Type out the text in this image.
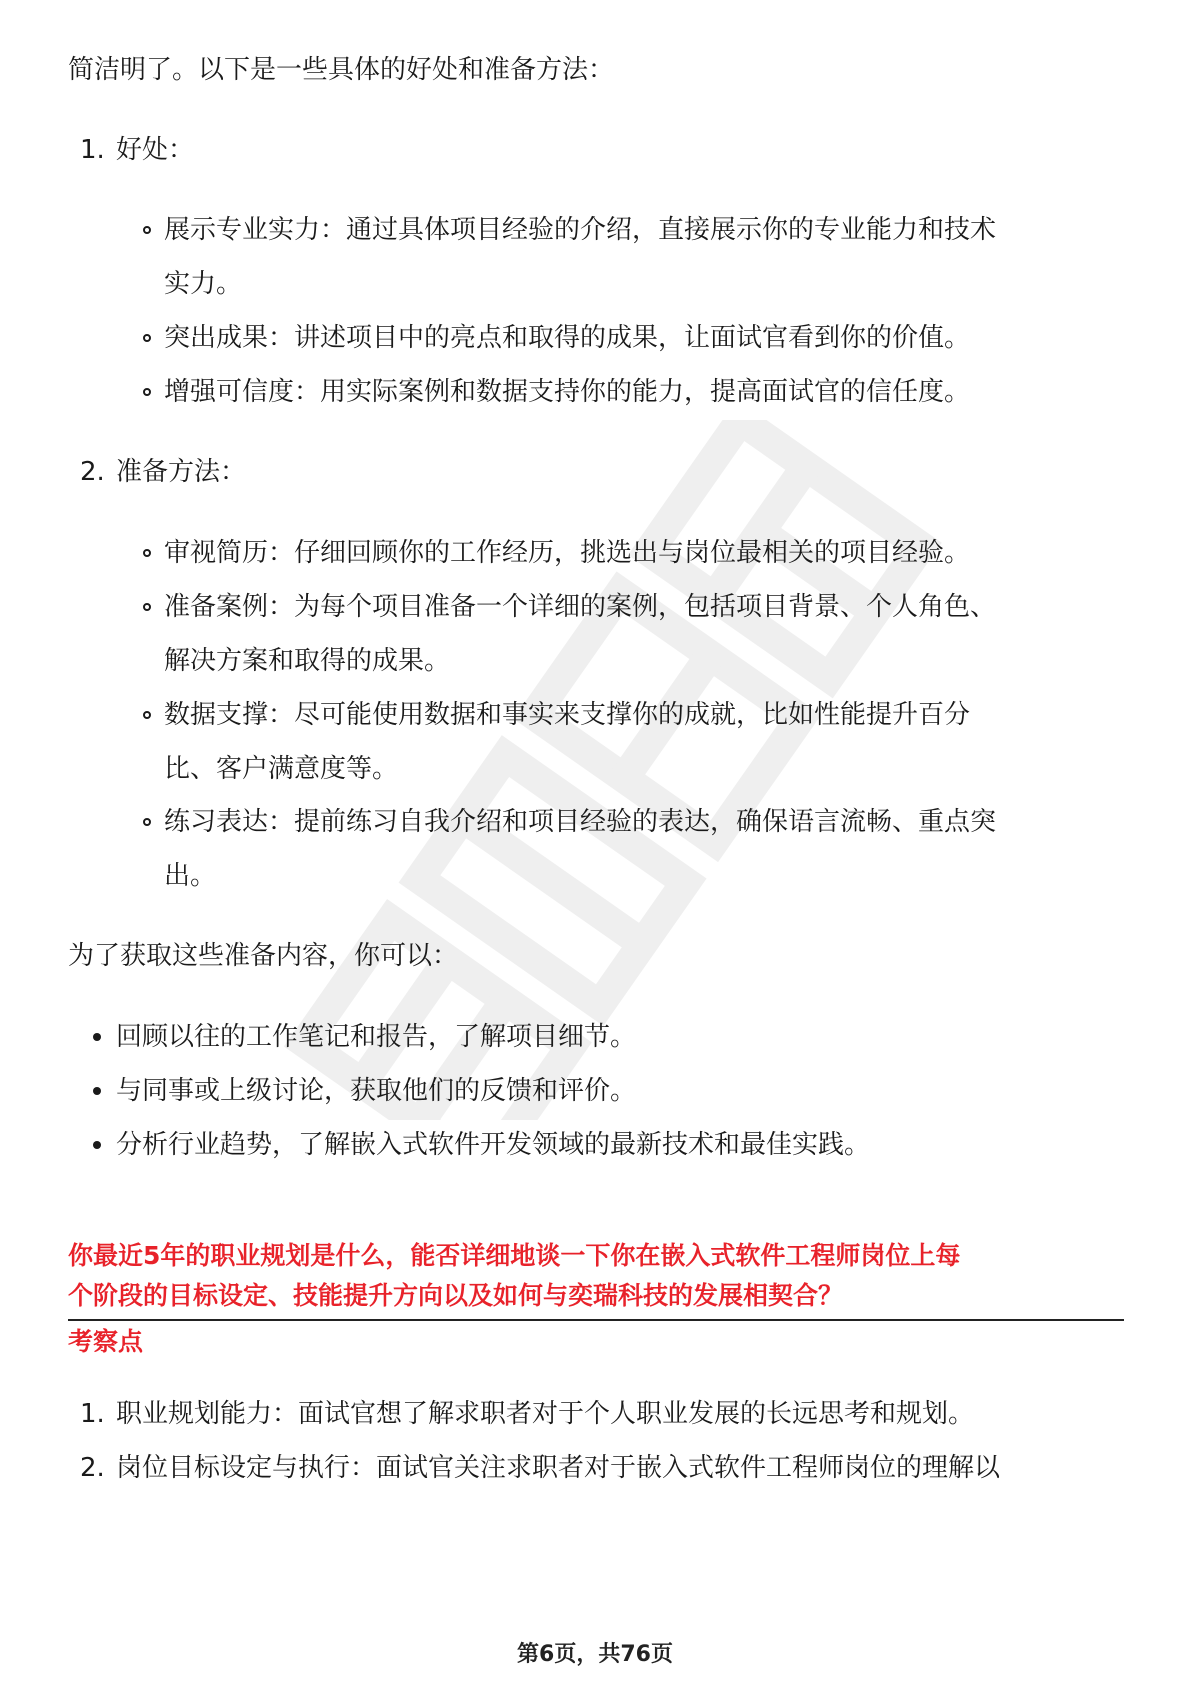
简洁明了。以下是一些具体的好处和准备方法：
1. 好处：
展示专业实力：通过具体项目经验的介绍，直接展示你的专业能力和技术
实力。
突出成果：讲述项目中的亮点和取得的成果，让面试官看到你的价值。
增强可信度：用实际案例和数据支持你的能力，提高面试官的信任度。
2. 准备方法：
审视简历：仔细回顾你的工作经历，挑选出与岗位最相关的项目经验。
准备案例：为每个项目准备一个详细的案例，包括项目背景、个人角色、
解决方案和取得的成果。
数据支撑：尽可能使用数据和事实来支撑你的成就，比如性能提升百分
比、客户满意度等。
练习表达：提前练习自我介绍和项目经验的表达，确保语言流畅、重点突
出。
为了获取这些准备内容，你可以：
回顾以往的工作笔记和报告，了解项目细节。
与同事或上级讨论，获取他们的反馈和评价。
分析行业趋势，了解嵌入式软件开发领域的最新技术和最佳实践。
你最近5年的职业规划是什么，能否详细地谈一下你在嵌入式软件工程师岗位上每
个阶段的目标设定、技能提升方向以及如何与奕瑞科技的发展相契合？
考察点
1. 职业规划能力：面试官想了解求职者对于个人职业发展的长远思考和规划。
2. 岗位目标设定与执行：面试官关注求职者对于嵌入式软件工程师岗位的理解以
第6页，共76页
